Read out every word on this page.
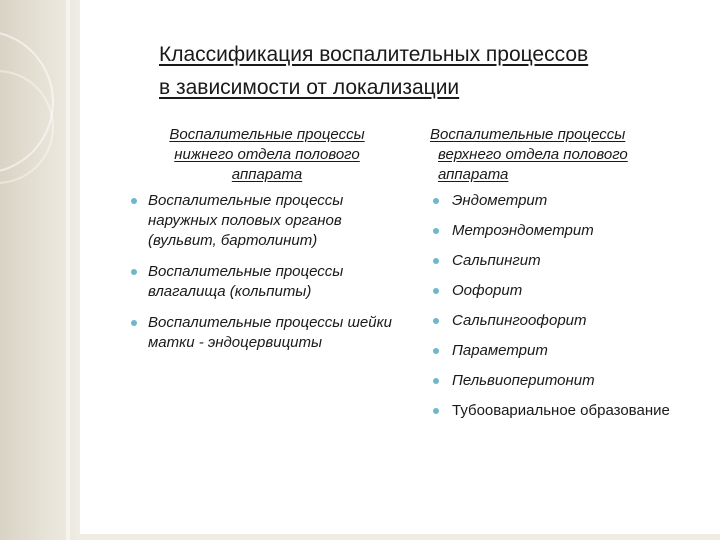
Классификация воспалительных процессов
в зависимости от локализации
Воспалительные процессы
нижнего отдела полового
аппарата
Воспалительные процессы наружных половых органов (вульвит, бартолинит)
Воспалительные процессы влагалища (кольпиты)
Воспалительные процессы шейки матки - эндоцервициты
Воспалительные процессы
верхнего отдела полового
аппарата
Эндометрит
Метроэндометрит
Сальпингит
Оофорит
Сальпингоофорит
Параметрит
Пельвиоперитонит
Тубоовариальное образование
